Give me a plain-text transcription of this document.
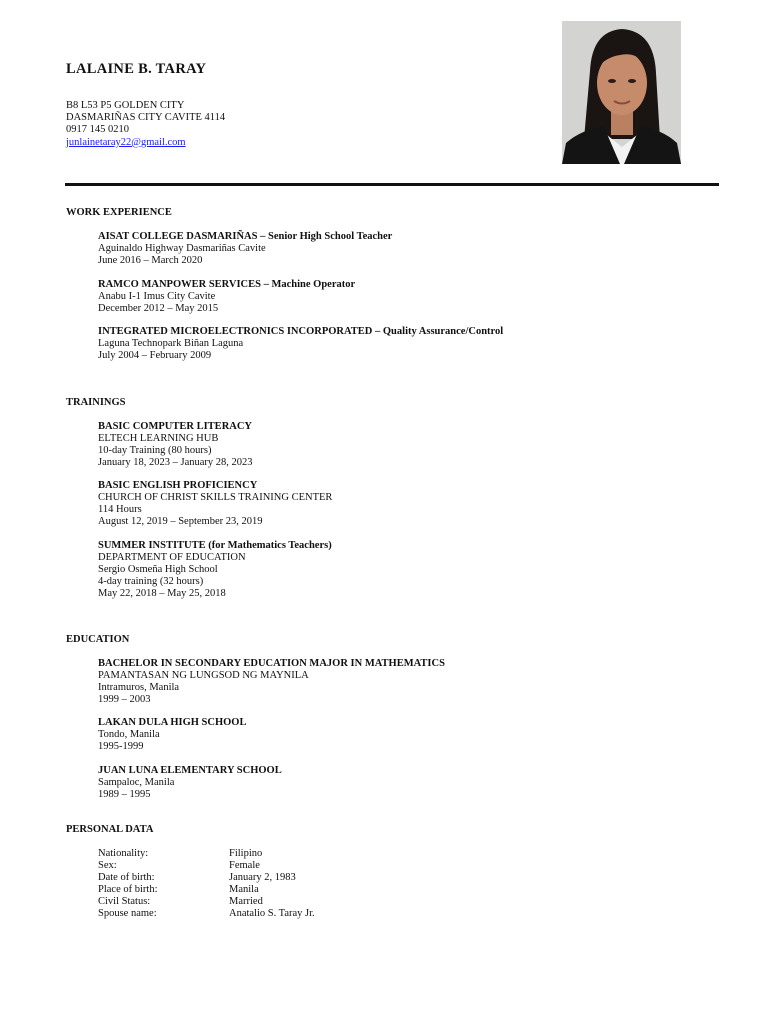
LALAINE B. TARAY
B8 L53 P5 GOLDEN CITY
DASMARIÑAS CITY CAVITE 4114
0917 145 0210
junlainetaray22@gmail.com
WORK EXPERIENCE
AISAT COLLEGE DASMARIÑAS – Senior High School Teacher
Aguinaldo Highway Dasmariñas Cavite
June 2016 – March 2020
RAMCO MANPOWER SERVICES – Machine Operator
Anabu I-1 Imus City Cavite
December 2012 – May 2015
INTEGRATED MICROELECTRONICS INCORPORATED – Quality Assurance/Control
Laguna Technopark Biñan Laguna
July 2004 – February 2009
TRAININGS
BASIC COMPUTER LITERACY
ELTECH LEARNING HUB
10-day Training (80 hours)
January 18, 2023 – January 28, 2023
BASIC ENGLISH PROFICIENCY
CHURCH OF CHRIST SKILLS TRAINING CENTER
114 Hours
August 12, 2019 – September 23, 2019
SUMMER INSTITUTE (for Mathematics Teachers)
DEPARTMENT OF EDUCATION
Sergio Osmeña High School
4-day training (32 hours)
May 22, 2018 – May 25, 2018
EDUCATION
BACHELOR IN SECONDARY EDUCATION MAJOR IN MATHEMATICS
PAMANTASAN NG LUNGSOD NG MAYNILA
Intramuros, Manila
1999 – 2003
LAKAN DULA HIGH SCHOOL
Tondo, Manila
1995-1999
JUAN LUNA ELEMENTARY SCHOOL
Sampaloc, Manila
1989 – 1995
PERSONAL DATA
Nationality:	Filipino
Sex:	Female
Date of birth:	January 2, 1983
Place of birth:	Manila
Civil Status:	Married
Spouse name:	Anatalio S. Taray Jr.
